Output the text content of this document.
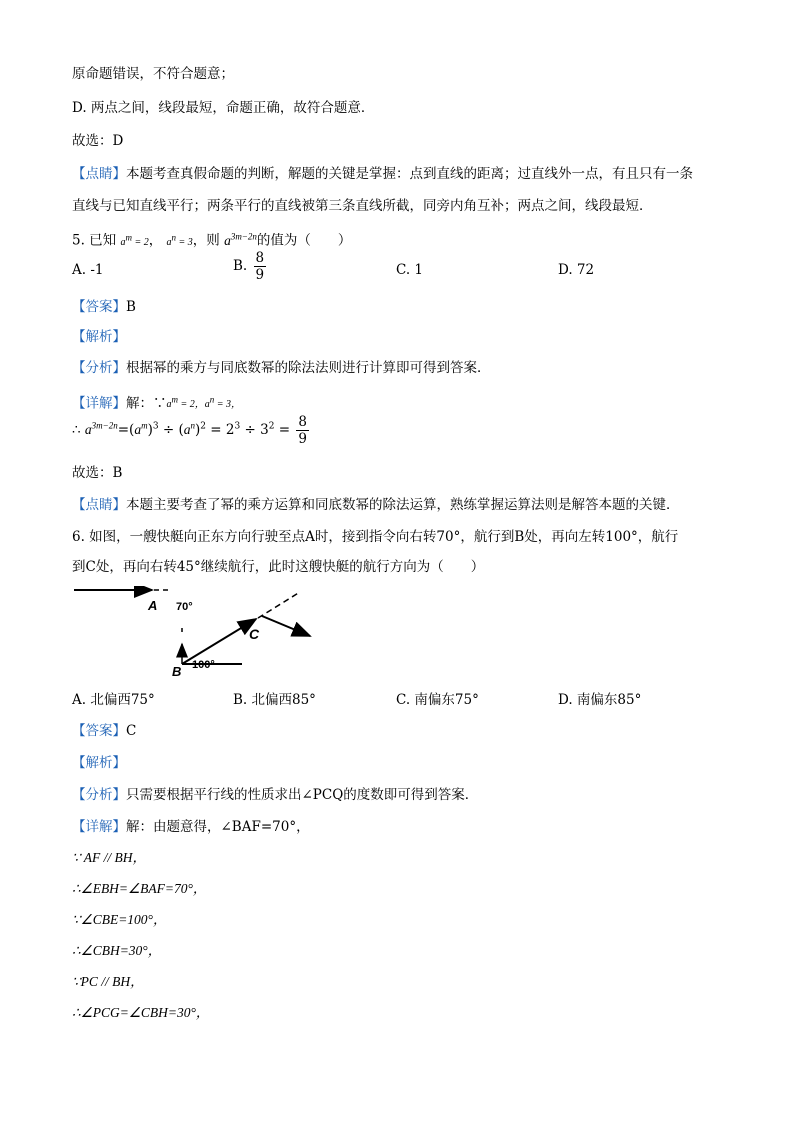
原命题错误，不符合题意；
D. 两点之间，线段最短，命题正确，故符合题意．
故选：D
【点睛】本题考查真假命题的判断，解题的关键是掌握：点到直线的距离；过直线外一点，有且只有一条
直线与已知直线平行；两条平行的直线被第三条直线所截，同旁内角互补；两点之间，线段最短．
5. 已知 $a^m = 2$， $a^n = 3$，则 $a^{3m-2n}$的值为（　　）
A. -1	B. $\frac{8}{9}$	C. 1	D. 72
【答案】B
【解析】
【分析】根据幂的乘方与同底数幂的除法法则进行计算即可得到答案．
【详解】解：$\because a^m = 2$，$a^n = 3$，
∴ $a^{3m-2n}=(a^m)^3 \div (a^n)^2 = 2^3 \div 3^2 = \frac{8}{9}$
故选：B
【点睛】本题主要考查了幂的乘方运算和同底数幂的除法运算，熟练掌握运算法则是解答本题的关键．
6. 如图，一艘快艇向正东方向行驶至点A时，接到指令向右转70°，航行到B处，再向左转100°，航行
到C处，再向右转45°继续航行，此时这艘快艇的航行方向为（　　）
A 70°
C
B 100°
A. 北偏西75°	B. 北偏西85°	C. 南偏东75°	D. 南偏东85°
【答案】C
【解析】
【分析】只需要根据平行线的性质求出∠PCQ的度数即可得到答案．
【详解】解：由题意得，∠BAF=70°，
∵ AF // BH，
∴∠EBH=∠BAF=70°，
∵∠CBE=100°，
∴∠CBH=30°，
∵PC // BH，
∴∠PCG=∠CBH=30°，
